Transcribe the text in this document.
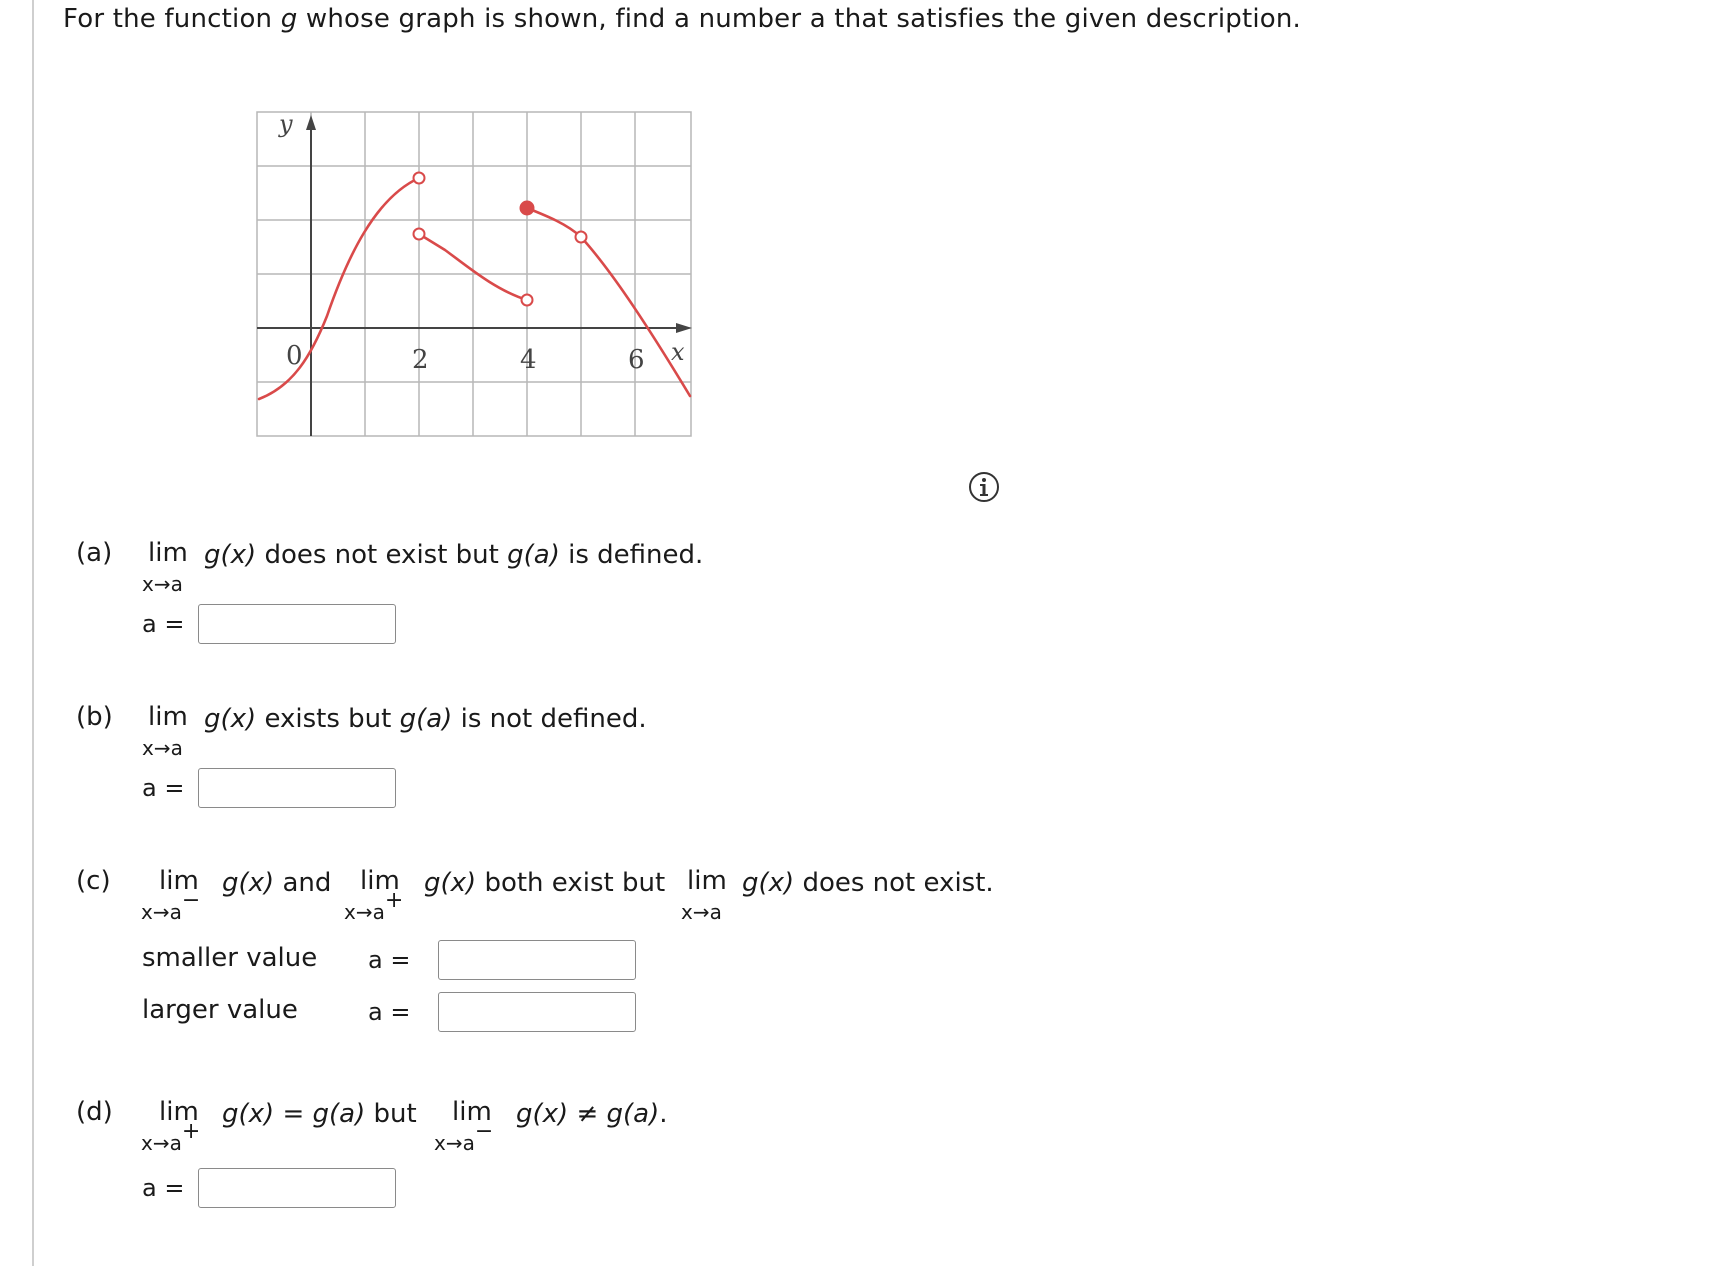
For the function g whose graph is shown, find a number a that satisfies the given description.
y
x
0	2	4	6
(a) lim
x→a
g(x) does not exist but g(a) is defined.
a =
(b) lim
x→a
g(x) exists but g(a) is not defined.
a =
(c) lim
x→a−
g(x) and lim
x→a+
g(x) both exist but lim
x→a
g(x) does not exist.
smaller value a =
larger value	a =
(d) lim
x→a+
g(x) = g(a) but lim
x→a−
g(x) ≠ g(a).
a =
